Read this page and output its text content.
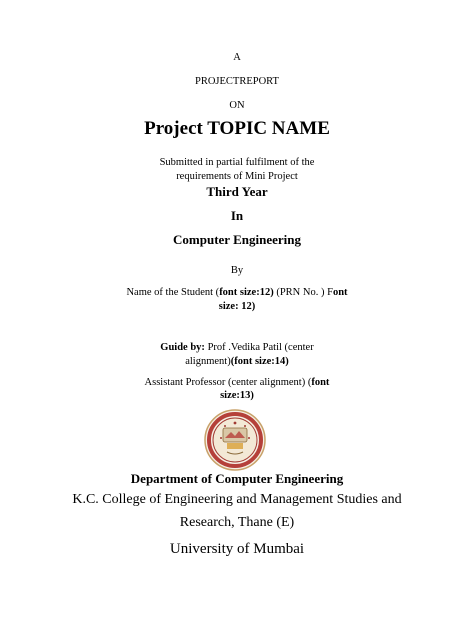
A
PROJECTREPORT
ON
Project TOPIC NAME
Submitted in partial fulfilment of the
requirements of Mini Project
Third Year
In
Computer Engineering
By
Name of the Student (font size:12) (PRN No. ) Font
size: 12)
Guide by: Prof .Vedika Patil (center
alignment)(font size:14)
Assistant Professor (center alignment) (font
size:13)
Department of Computer Engineering
K.C. College of Engineering and Management Studies and
Research, Thane (E)
University of Mumbai
